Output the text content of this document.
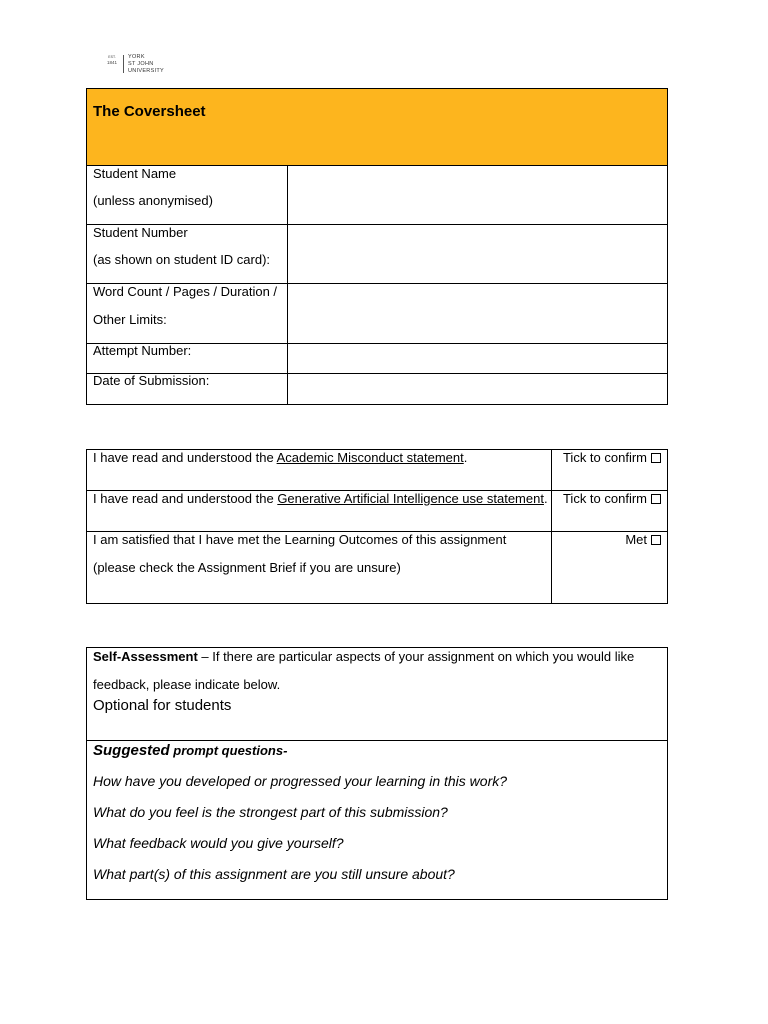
EST.
1841
YORK
ST JOHN
UNIVERSITY
The Coversheet	

Student Name
(unless anonymised)	

Student Number
(as shown on student ID card):	

Word Count / Pages / Duration /
Other Limits:	

Attempt Number:	

Date of Submission:	

I have read and understood the Academic Misconduct statement.	Tick to confirm
I have read and understood the Generative Artificial Intelligence use statement.	Tick to confirm

I am satisfied that I have met the Learning Outcomes of this assignment
(please check the Assignment Brief if you are unsure)	Met
Self-Assessment – If there are particular aspects of your assignment on which you would like feedback, please indicate below.
Optional for students

Suggested prompt questions-
How have you developed or progressed your learning in this work?
What do you feel is the strongest part of this submission?
What feedback would you give yourself?
What part(s) of this assignment are you still unsure about?
